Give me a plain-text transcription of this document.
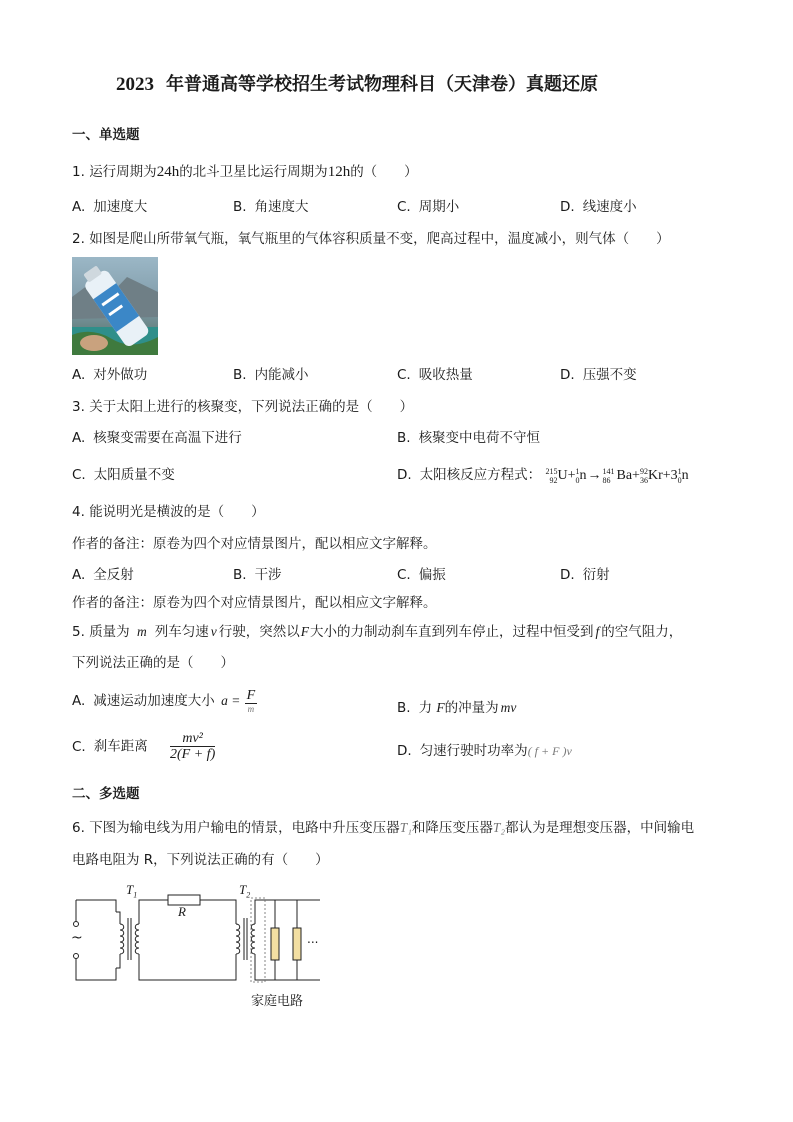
2023 年普通高等学校招生考试物理科目（天津卷）真题还原
一、单选题
1. 运行周期为24h的北斗卫星比运行周期为12h的（　　）
A. 加速度大	B. 角速度大	C. 周期小	D. 线速度小
2. 如图是爬山所带氧气瓶，氧气瓶里的气体容积质量不变，爬高过程中，温度减小，则气体（　　）
A. 对外做功	B. 内能减小	C. 吸收热量	D. 压强不变
3. 关于太阳上进行的核聚变，下列说法正确的是（　　）
A. 核聚变需要在高温下进行	B. 核聚变中电荷不守恒
C. 太阳质量不变	D. 太阳核反应方程式： 215
92 U+ 1
0 n→ 141
86 Ba+ 92
36 Kr+3 1
0 n
4. 能说明光是横波的是（　　）
作者的备注：原卷为四个对应情景图片，配以相应文字解释。
A. 全反射	B. 干涉	C. 偏振	D. 衍射
作者的备注：原卷为四个对应情景图片，配以相应文字解释。
5. 质量为 m 列车匀速 v 行驶，突然以F大小的力制动刹车直到列车停止，过程中恒受到 f 的空气阻力，
下列说法正确的是（　　）
A. 减速运动加速度大小 $a = \frac{F}{m}$	B. 力 F的冲量为 mv
C. 刹车距离 $\frac{\text{mv²}}{2(F + f)}$	D. 匀速行驶时功率为( f + F )v
二、多选题
6. 下图为输电线为用户输电的情景，电路中升压变压器T₁和降压变压器T₂都认为是理想变压器，中间输电
电路电阻为 R，下列说法正确的有（　　）
$T_1$
R
$T_2$
~	...
家庭电路
